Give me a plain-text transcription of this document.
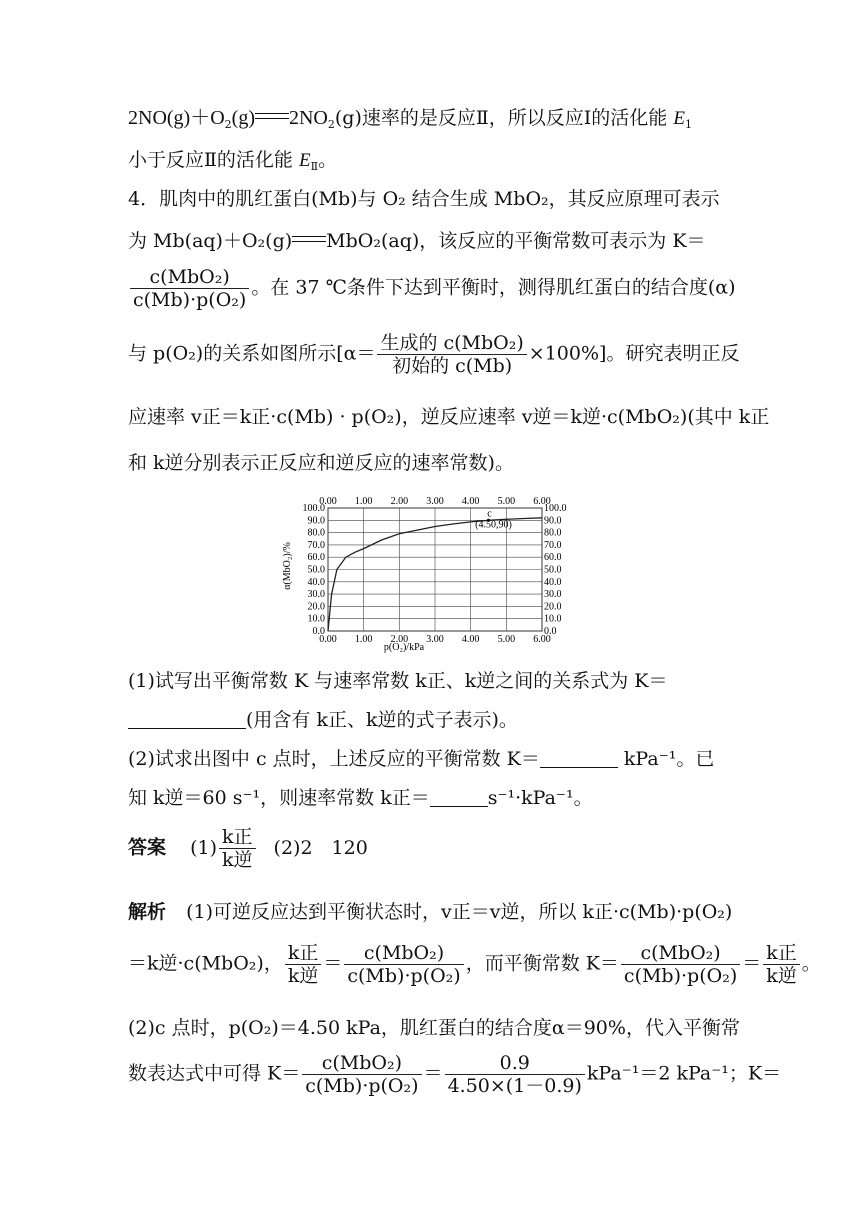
$2NO(g)+O_2(g)$ $2NO_2(g)$速率的是反应Ⅱ，所以反应Ⅰ的活化能 $E_1$
小于反应Ⅱ的活化能 $E_Ⅱ$。
4．肌肉中的肌红蛋白(Mb)与 O₂ 结合生成 MbO₂，其反应原理可表示
为 Mb(aq)＋O₂(g) MbO₂(aq)，该反应的平衡常数可表示为 K＝
$\frac{\text{c(MbO₂)}}{\text{c(Mb)·p(O₂)}}$ 。在 37 ℃条件下达到平衡时，测得肌红蛋白的结合度(α)
与 p(O₂)的关系如图所示$[\alpha= \frac{\text{生成的 c(MbO₂)}}{\text{初始的 c(Mb)}} \times 100\%]$。研究表明正反
应速率 v正＝k正·c(Mb) · p(O₂)，逆反应速率 v逆＝k逆·c(MbO₂)(其中 k正
和 k逆分别表示正反应和逆反应的速率常数)。
0.00
0.00
1.00
1.00
2.00
2.00
3.00
3.00
4.00
4.00
5.00
5.00
6.00
6.00
0.0	0.0
10.0	10.0
20.0	20.0
30.0	30.0
40.0	40.0
50.0	50.0
60.0	60.0
70.0	70.0
80.0	80.0
90.0	90.0
100.0	100.0
c
(4.50,90)
p(O₂)/kPa
α(MbO₂)/%
(1)试写出平衡常数 K 与速率常数 k正、k逆之间的关系式为 K＝
(用含有 k正、k逆的式子表示)。
(2)试求出图中 c 点时，上述反应的平衡常数 K＝	kPa⁻¹。已
知 k逆＝60 s⁻¹，则速率常数 k正＝	s⁻¹·kPa⁻¹。
答案 $(1) \frac{\text{k正}}{\text{k逆}} (2)2$　120
解析 (1)可逆反应达到平衡状态时，v正＝v逆，所以 k正·c(Mb)·p(O₂)
＝k逆·c(MbO₂)， $\frac{\text{k正}}{\text{k逆}} = \frac{\text{c(MbO₂)}}{\text{c(Mb)·p(O₂)}}$ ，而平衡常数 $K= \frac{\text{c(MbO₂)}}{\text{c(Mb)·p(O₂)}} = \frac{\text{k正}}{\text{k逆}}$ 。
(2)c 点时，p(O₂)＝4.50 kPa，肌红蛋白的结合度α＝90%，代入平衡常
数表达式中可得 $K= \frac{\text{c(MbO₂)}}{\text{c(Mb)·p(O₂)}} = \frac{0.9}{4.50\times(1-0.9)} kPa^{-1}=2$ kPa⁻¹；K＝
